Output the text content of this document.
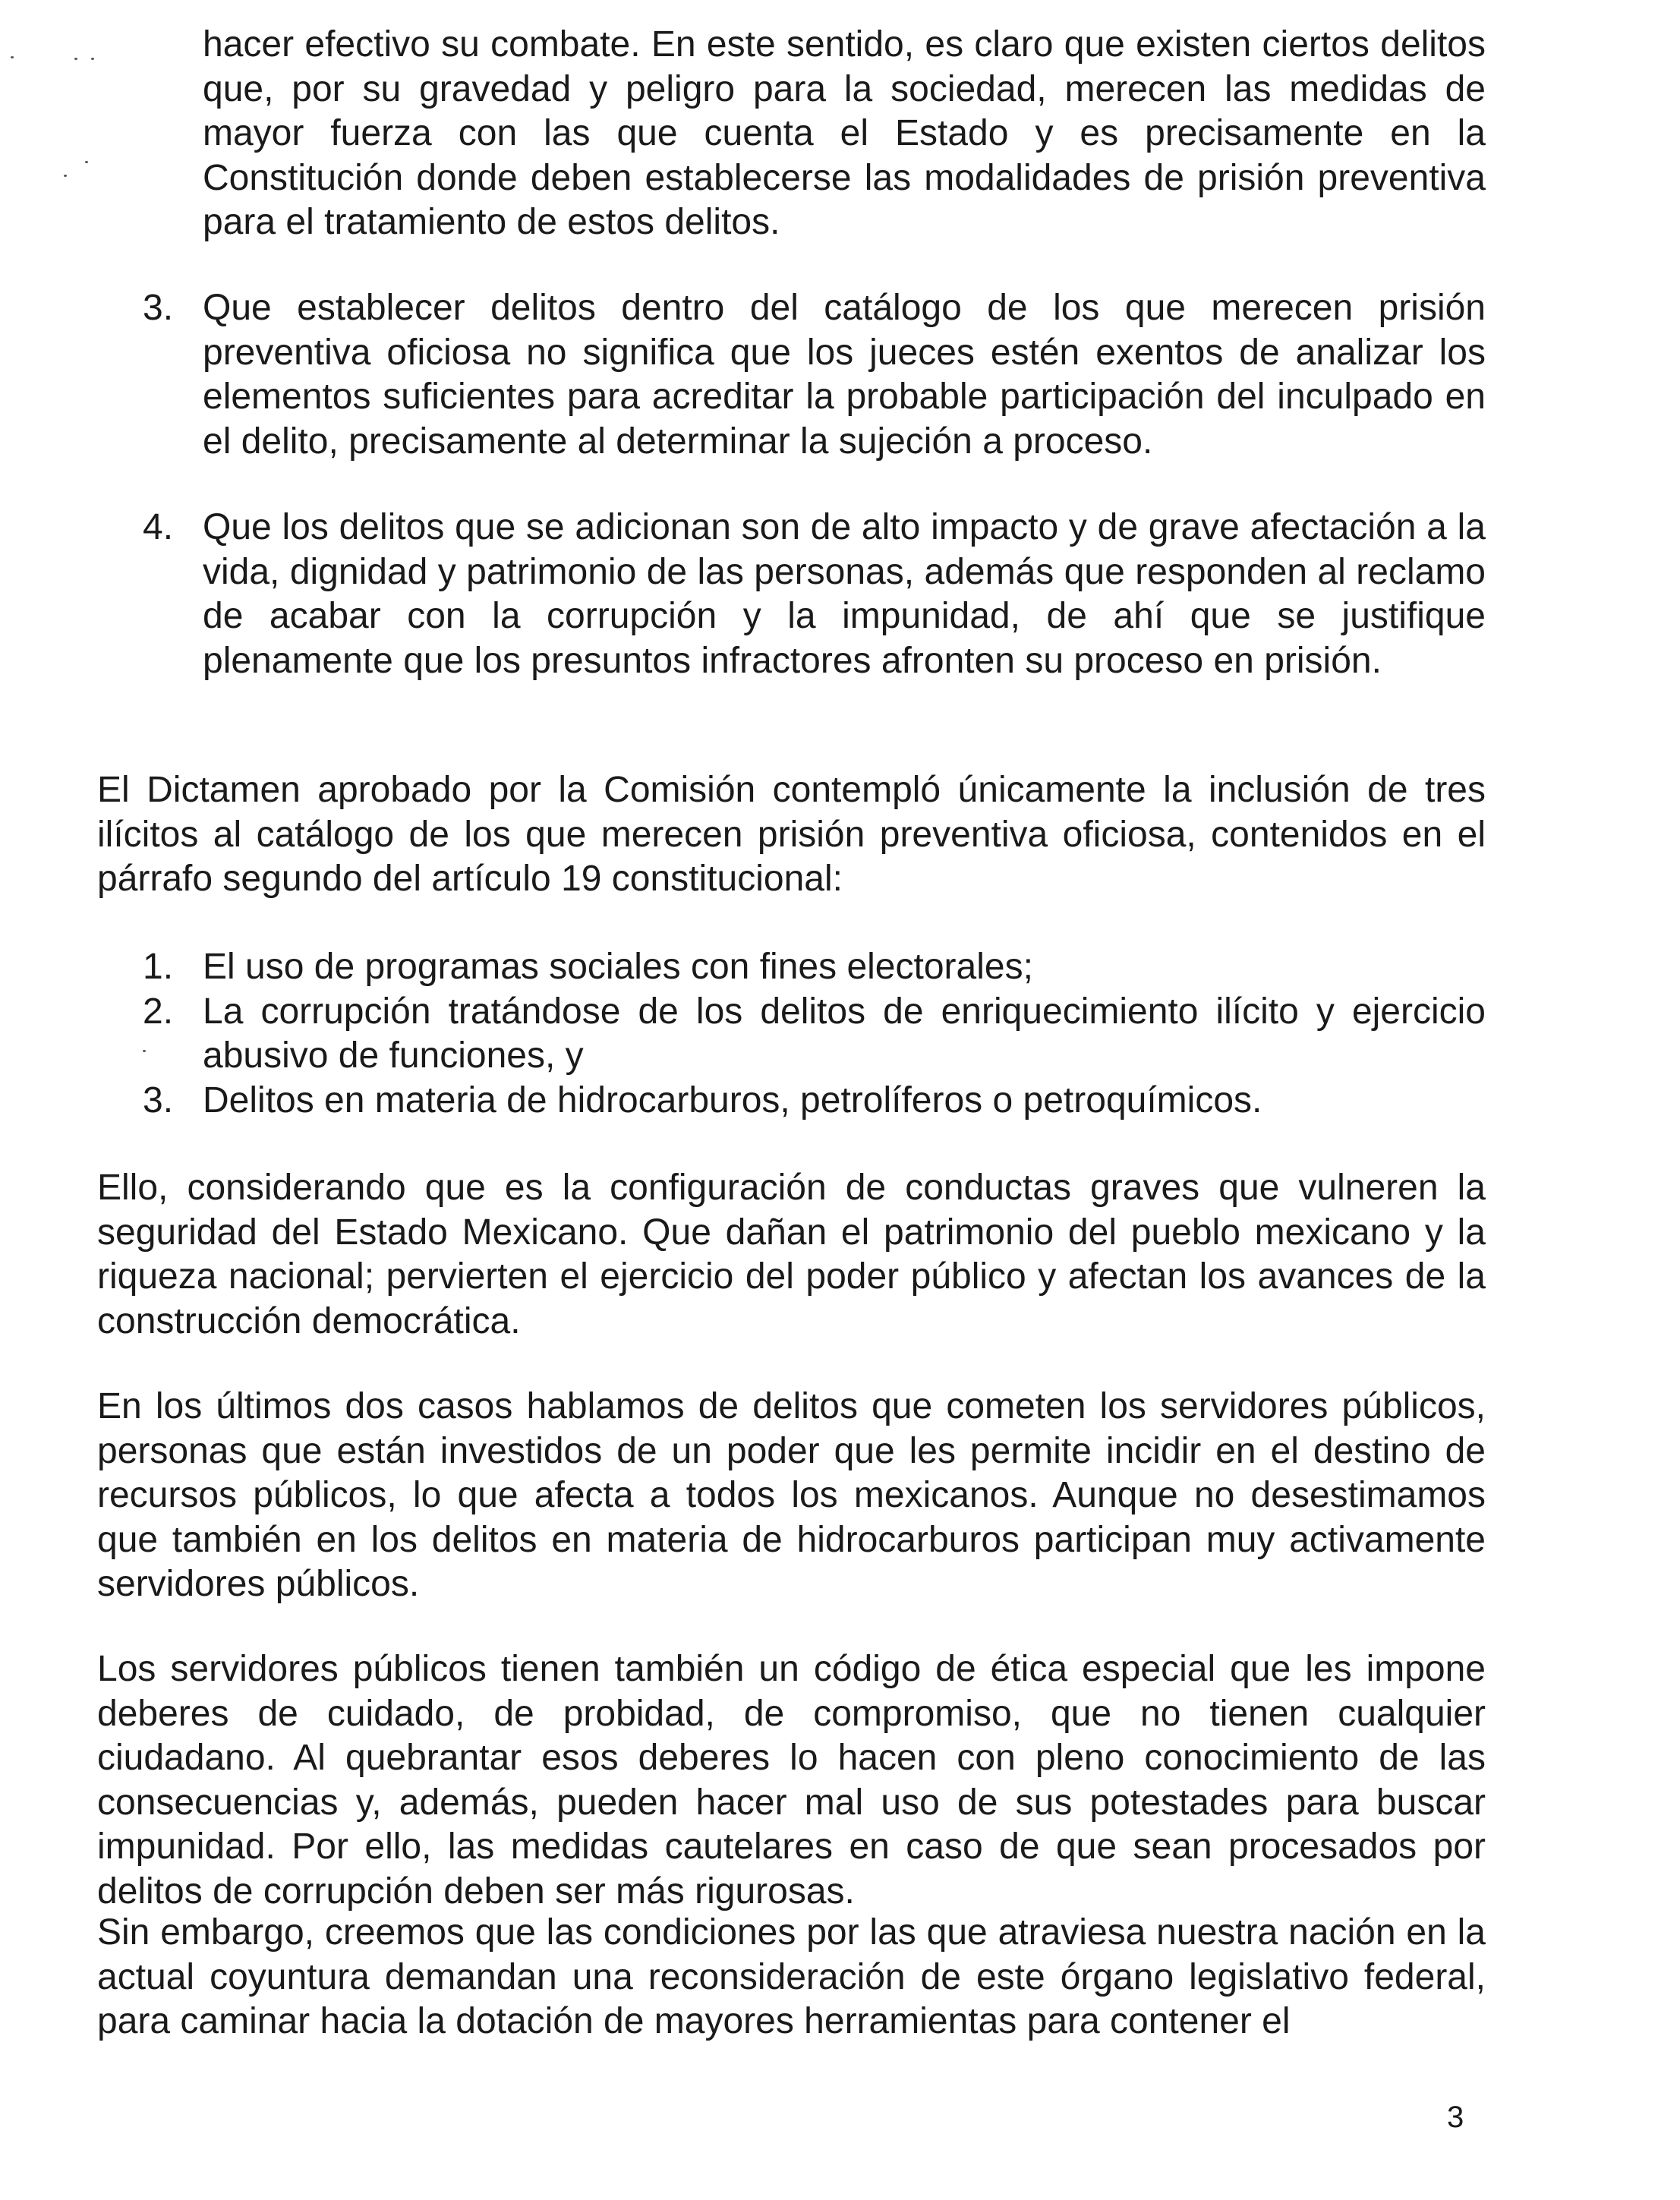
hacer efectivo su combate. En este sentido, es claro que existen ciertos delitos que, por su gravedad y peligro para la sociedad, merecen las medidas de mayor fuerza con las que cuenta el Estado y es precisamente en la Constitución donde deben establecerse las modalidades de prisión preventiva para el tratamiento de estos delitos.
3. Que establecer delitos dentro del catálogo de los que merecen prisión preventiva oficiosa no significa que los jueces estén exentos de analizar los elementos suficientes para acreditar la probable participación del inculpado en el delito, precisamente al determinar la sujeción a proceso.
4. Que los delitos que se adicionan son de alto impacto y de grave afectación a la vida, dignidad y patrimonio de las personas, además que responden al reclamo de acabar con la corrupción y la impunidad, de ahí que se justifique plenamente que los presuntos infractores afronten su proceso en prisión.
El Dictamen aprobado por la Comisión contempló únicamente la inclusión de tres ilícitos al catálogo de los que merecen prisión preventiva oficiosa, contenidos en el párrafo segundo del artículo 19 constitucional:
1. El uso de programas sociales con fines electorales;
2. La corrupción tratándose de los delitos de enriquecimiento ilícito y ejercicio abusivo de funciones, y
3. Delitos en materia de hidrocarburos, petrolíferos o petroquímicos.
Ello, considerando que es la configuración de conductas graves que vulneren la seguridad del Estado Mexicano. Que dañan el patrimonio del pueblo mexicano y la riqueza nacional; pervierten el ejercicio del poder público y afectan los avances de la construcción democrática.
En los últimos dos casos hablamos de delitos que cometen los servidores públicos, personas que están investidos de un poder que les permite incidir en el destino de recursos públicos, lo que afecta a todos los mexicanos. Aunque no desestimamos que también en los delitos en materia de hidrocarburos participan muy activamente servidores públicos.
Los servidores públicos tienen también un código de ética especial que les impone deberes de cuidado, de probidad, de compromiso, que no tienen cualquier ciudadano. Al quebrantar esos deberes lo hacen con pleno conocimiento de las consecuencias y, además, pueden hacer mal uso de sus potestades para buscar impunidad. Por ello, las medidas cautelares en caso de que sean procesados por delitos de corrupción deben ser más rigurosas.
Sin embargo, creemos que las condiciones por las que atraviesa nuestra nación en la actual coyuntura demandan una reconsideración de este órgano legislativo federal, para caminar hacia la dotación de mayores herramientas para contener el
3
